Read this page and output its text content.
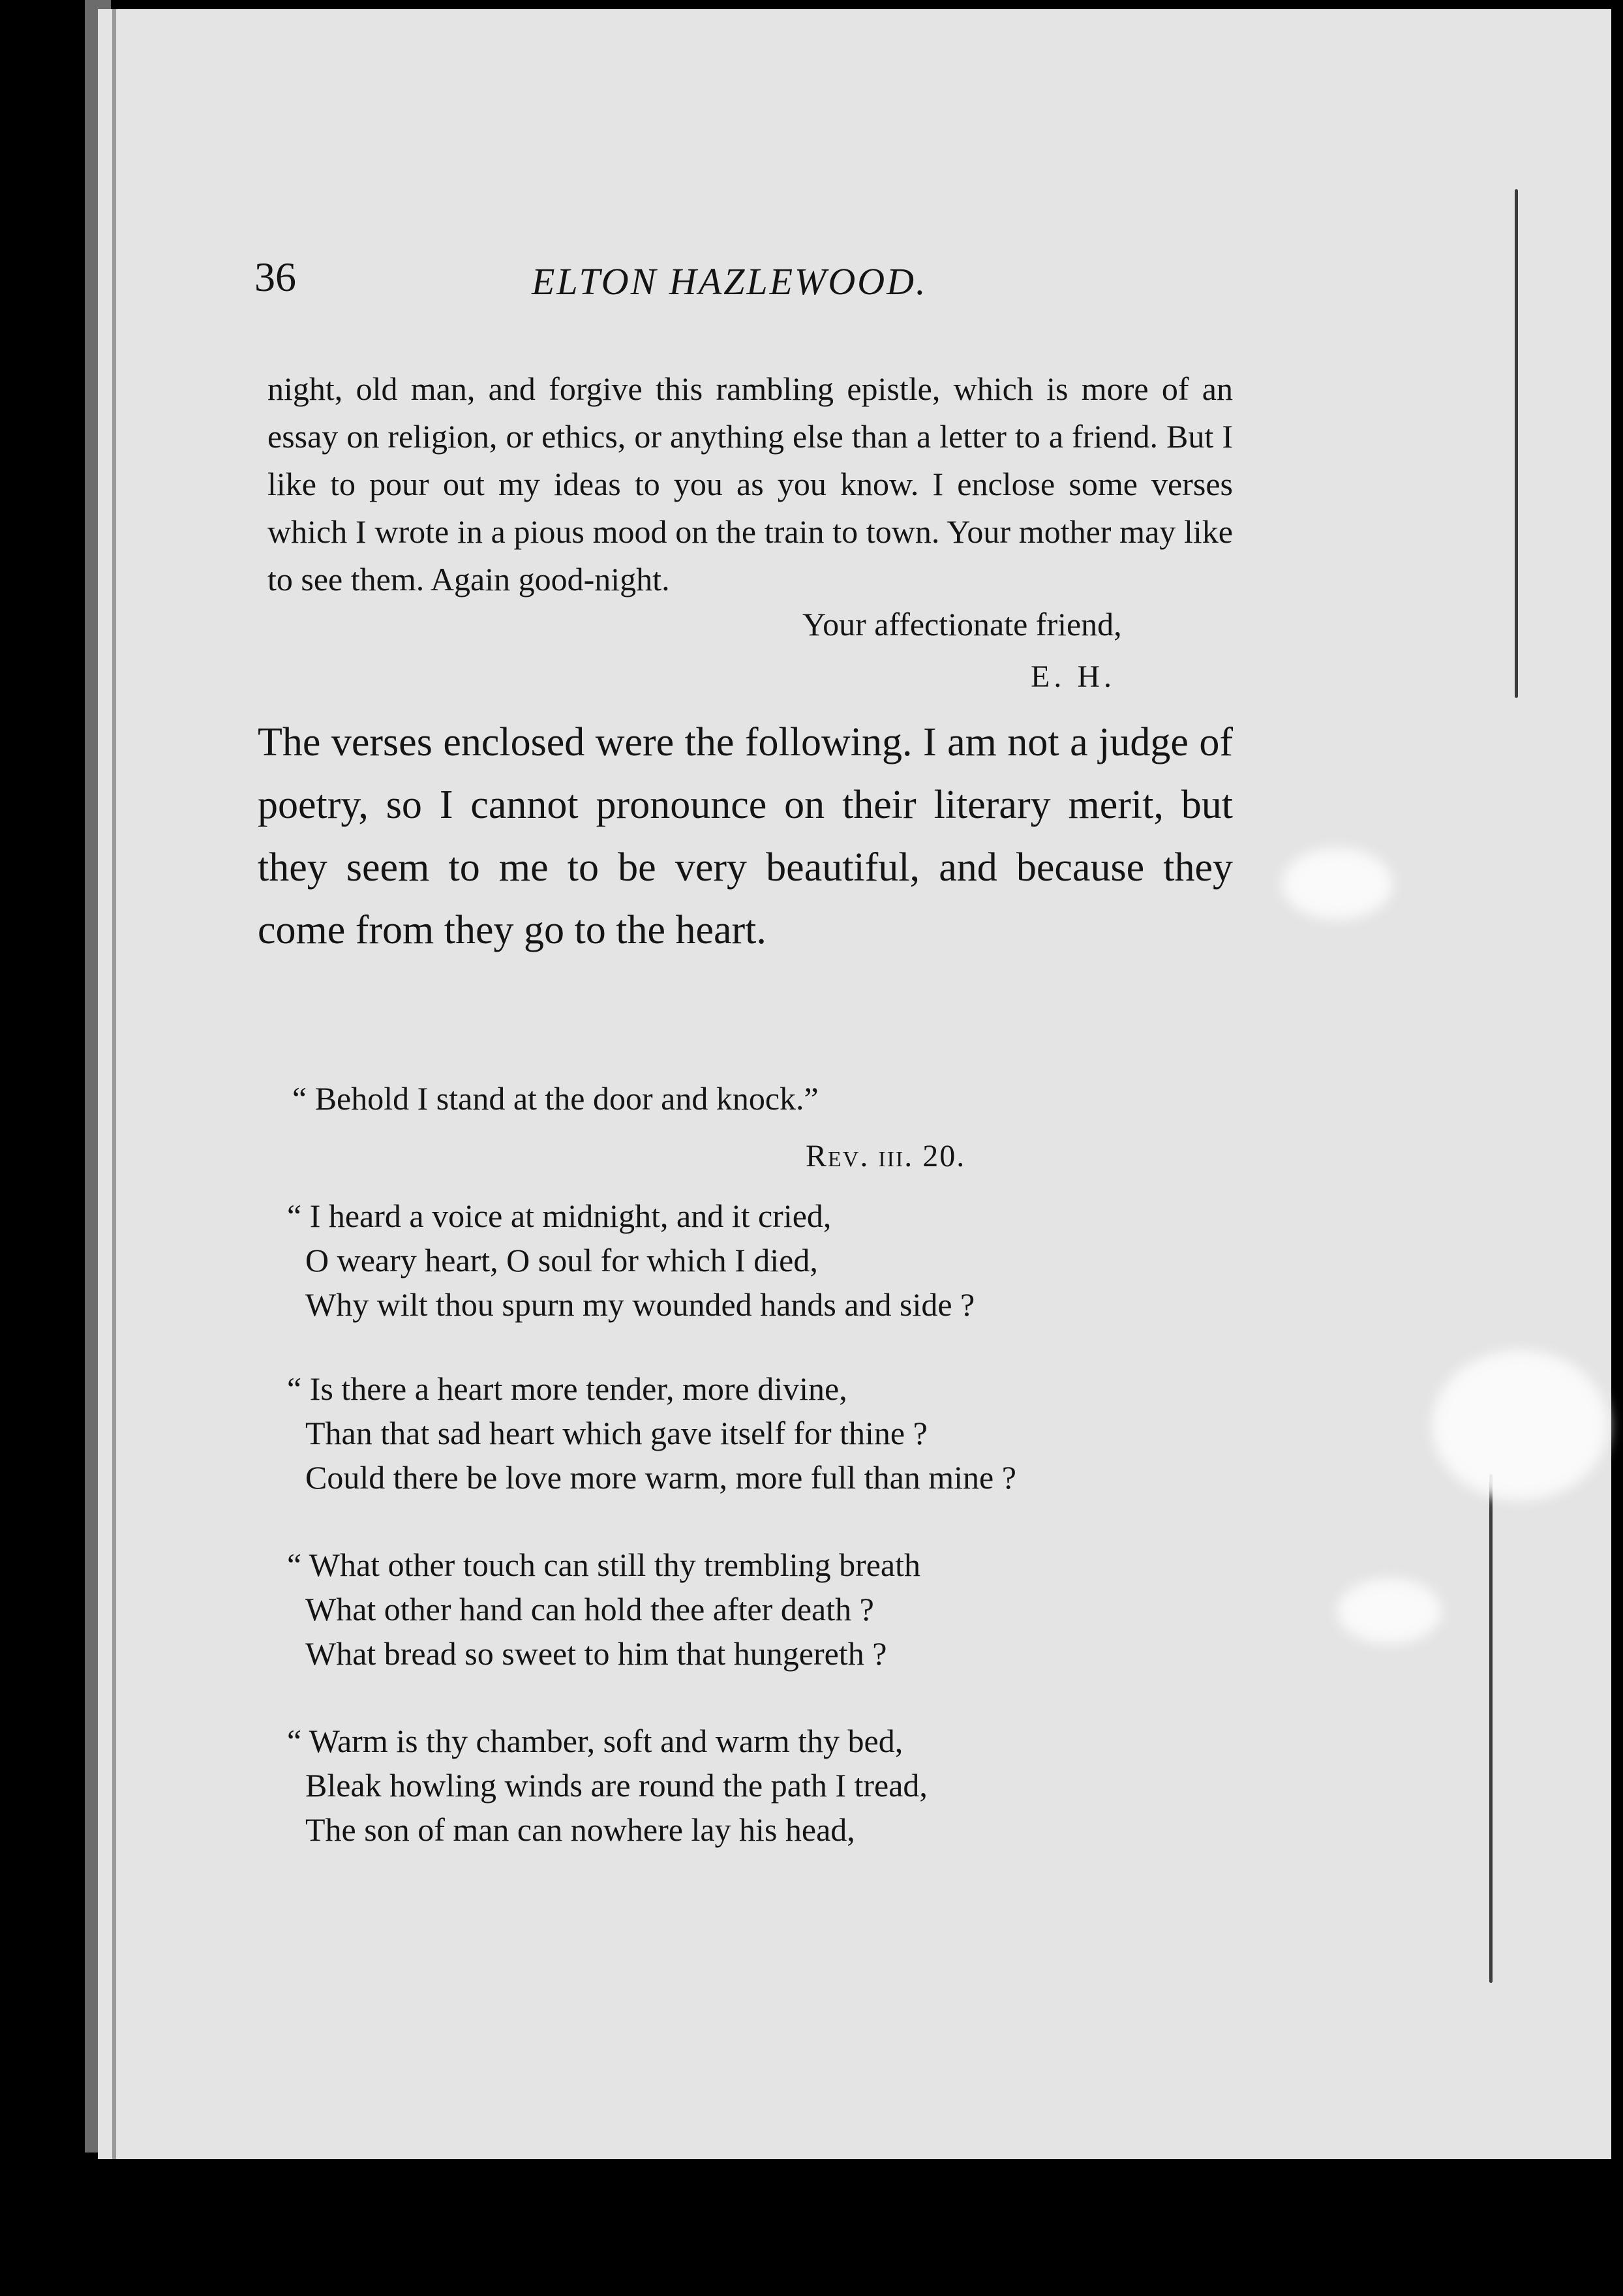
36	ELTON HAZLEWOOD.

night, old man, and forgive this rambling epistle, which is more of an essay on religion, or ethics, or anything else than a letter to a friend. But I like to pour out my ideas to you as you know. I enclose some verses which I wrote in a pious mood on the train to town. Your mother may like to see them. Again good-night.

Your affectionate friend,
E. H.

The verses enclosed were the following. I am not a judge of poetry, so I cannot pronounce on their literary merit, but they seem to me to be very beautiful, and because they come from they go to the heart.

“ Behold I stand at the door and knock.”
Rev. iii. 20.
“ I heard a voice at midnight, and it cried,
O weary heart, O soul for which I died,
Why wilt thou spurn my wounded hands and side ?
“ Is there a heart more tender, more divine,
Than that sad heart which gave itself for thine ?
Could there be love more warm, more full than mine ?
“ What other touch can still thy trembling breath
What other hand can hold thee after death ?
What bread so sweet to him that hungereth ?
“ Warm is thy chamber, soft and warm thy bed,
Bleak howling winds are round the path I tread,
The son of man can nowhere lay his head,
